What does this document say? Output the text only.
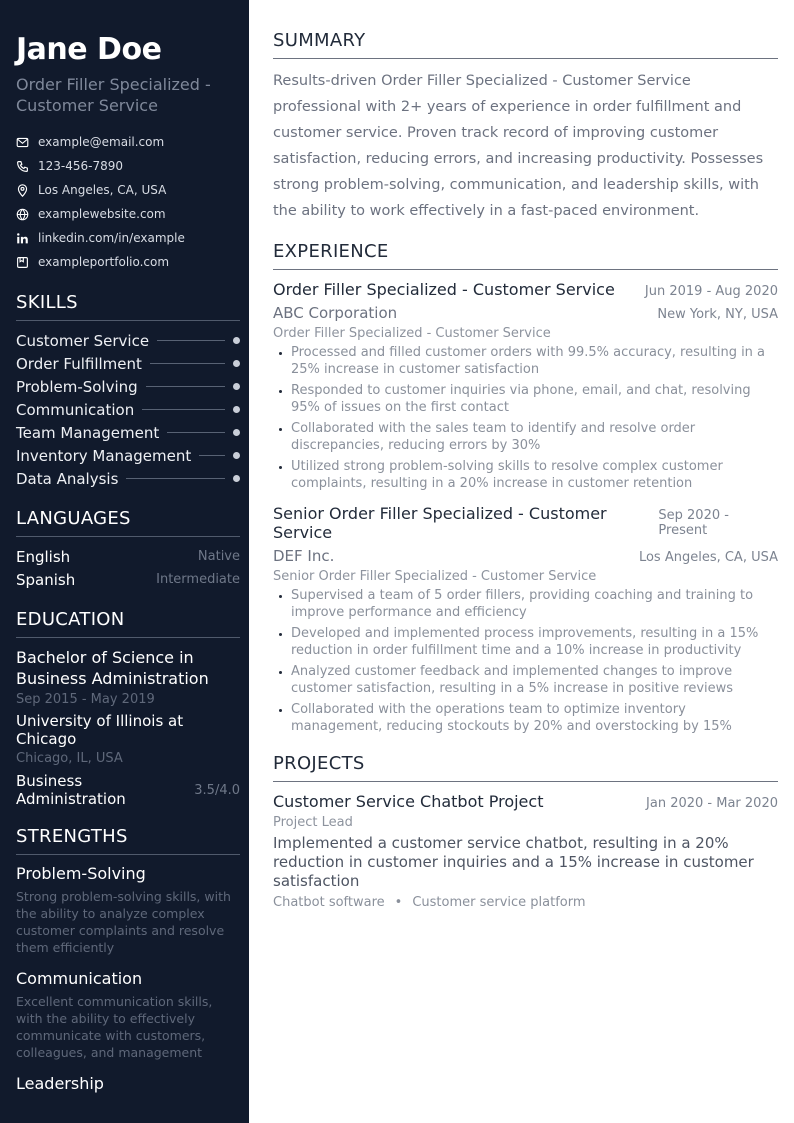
Jane Doe
Order Filler Specialized - Customer Service
example@email.com
123-456-7890
Los Angeles, CA, USA
examplewebsite.com
linkedin.com/in/example
exampleportfolio.com
SKILLS
Customer Service
Order Fulfillment
Problem-Solving
Communication
Team Management
Inventory Management
Data Analysis
LANGUAGES
English	Native
Spanish	Intermediate
EDUCATION
Bachelor of Science in Business Administration
Sep 2015 - May 2019
University of Illinois at Chicago
Chicago, IL, USA
Business Administration	3.5/4.0
STRENGTHS
Problem-Solving
Strong problem-solving skills, with the ability to analyze complex customer complaints and resolve them efficiently
Communication
Excellent communication skills, with the ability to effectively communicate with customers, colleagues, and management
Leadership
SUMMARY
Results-driven Order Filler Specialized - Customer Service professional with 2+ years of experience in order fulfillment and customer service. Proven track record of improving customer satisfaction, reducing errors, and increasing productivity. Possesses strong problem-solving, communication, and leadership skills, with the ability to work effectively in a fast-paced environment.
EXPERIENCE
Order Filler Specialized - Customer Service Jun 2019 - Aug 2020
ABC Corporation	New York, NY, USA
Order Filler Specialized - Customer Service
• Processed and filled customer orders with 99.5% accuracy, resulting in a 25% increase in customer satisfaction
• Responded to customer inquiries via phone, email, and chat, resolving 95% of issues on the first contact
• Collaborated with the sales team to identify and resolve order discrepancies, reducing errors by 30%
• Utilized strong problem-solving skills to resolve complex customer complaints, resulting in a 20% increase in customer retention
Senior Order Filler Specialized - Customer Service
Sep 2020 - Present
DEF Inc.	Los Angeles, CA, USA
Senior Order Filler Specialized - Customer Service
• Supervised a team of 5 order fillers, providing coaching and training to improve performance and efficiency
• Developed and implemented process improvements, resulting in a 15% reduction in order fulfillment time and a 10% increase in productivity
• Analyzed customer feedback and implemented changes to improve customer satisfaction, resulting in a 5% increase in positive reviews
• Collaborated with the operations team to optimize inventory management, reducing stockouts by 20% and overstocking by 15%
PROJECTS
Customer Service Chatbot Project	Jan 2020 - Mar 2020
Project Lead
Implemented a customer service chatbot, resulting in a 20% reduction in customer inquiries and a 15% increase in customer satisfaction
Chatbot software • Customer service platform
